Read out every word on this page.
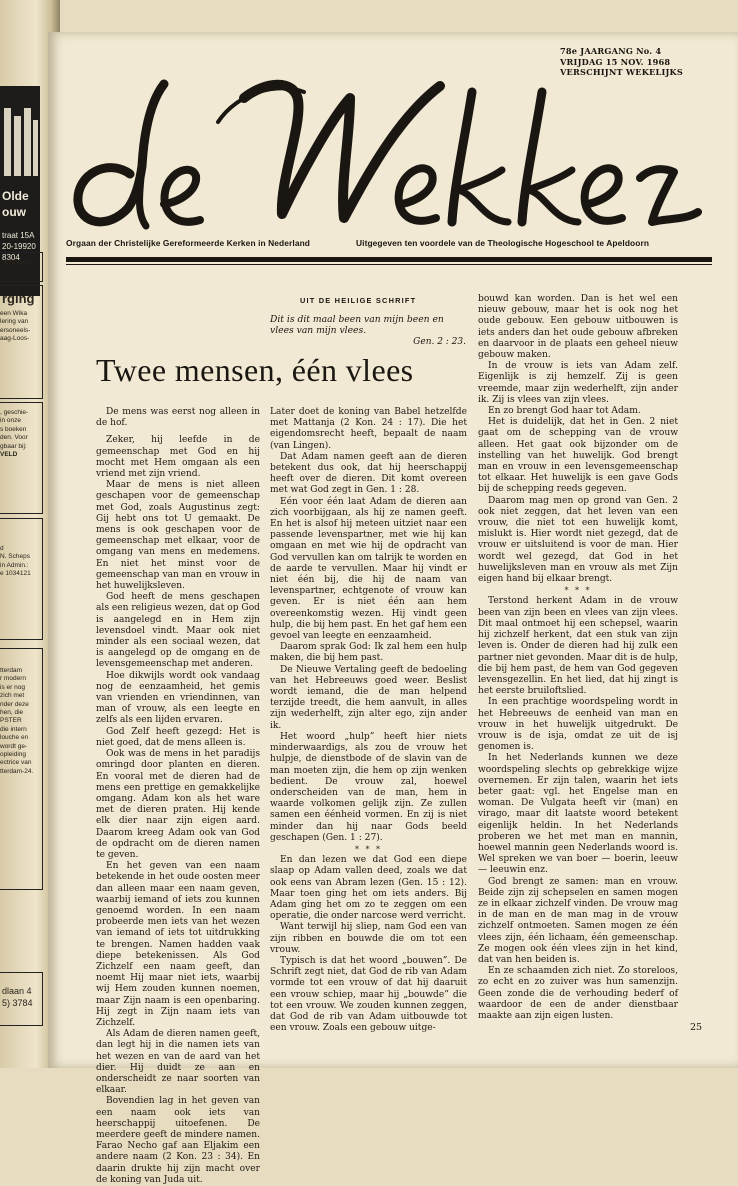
Olde
ouw
traat 15A
20-19920
8304

ENDAAL"

rging

een Wika

lering van

ersoneels-

aag-Loos-

, geschie-

in onze

s boeken

den. Voor

gbaar bij:

VELD

d

N. Scheps

in Admin.:

e 1034121

tterdam

r modern

is er nog

zich met

nder deze

hen, die

PSTER

die intern

louche en

wordt ge-

opleiding

ectrice van

tterdam-24.

dlaan 4

5) 3784

78e JAARGANG No. 4
VRIJDAG 15 NOV. 1968
VERSCHIJNT WEKELIJKS
Orgaan der Christelijke Gereformeerde Kerken in Nederland	Uitgegeven ten voordele van de Theologische Hogeschool te Apeldoorn
UIT DE HEILIGE SCHRIFT
Dit is dit maal been van mijn been en vlees van mijn vlees.
Gen. 2 : 23.
Twee mensen, één vlees

De mens was eerst nog alleen in de hof.

Zeker, hij leefde in de gemeenschap met God en hij mocht met Hem omgaan als een vriend met zijn vriend.

Maar de mens is niet alleen geschapen voor de gemeenschap met God, zoals Augustinus zegt: Gij hebt ons tot U gemaakt. De mens is ook geschapen voor de gemeenschap met elkaar, voor de omgang van mens en medemens. En niet het minst voor de gemeenschap van man en vrouw in het huwelijksleven.

God heeft de mens geschapen als een religieus wezen, dat op God is aangelegd en in Hem zijn levensdoel vindt. Maar ook niet minder als een sociaal wezen, dat is aangelegd op de omgang en de levensgemeenschap met anderen.

Hoe dikwijls wordt ook vandaag nog de eenzaamheid, het gemis van vrienden en vriendinnen, van man of vrouw, als een leegte en zelfs als een lijden ervaren.

God Zelf heeft gezegd: Het is niet goed, dat de mens alleen is.

Ook was de mens in het paradijs omringd door planten en dieren. En vooral met de dieren had de mens een prettige en gemakkelijke omgang. Adam kon als het ware met de dieren praten. Hij kende elk dier naar zijn eigen aard. Daarom kreeg Adam ook van God de opdracht om de dieren namen te geven.

En het geven van een naam betekende in het oude oosten meer dan alleen maar een naam geven, waarbij iemand of iets zou kunnen genoemd worden. In een naam probeerde men iets van het wezen van iemand of iets tot uitdrukking te brengen. Namen hadden vaak diepe betekenissen. Als God Zichzelf een naam geeft, dan noemt Hij maar niet iets, waarbij wij Hem zouden kunnen noemen, maar Zijn naam is een openbaring. Hij zegt in Zijn naam iets van Zichzelf.

Als Adam de dieren namen geeft, dan legt hij in die namen iets van het wezen en van de aard van het dier. Hij duidt ze aan en onderscheidt ze naar soorten van elkaar.

Bovendien lag in het geven van een naam ook iets van heerschappij uitoefenen. De meerdere geeft de mindere namen. Farao Necho gaf aan Eljakim een andere naam (2 Kon. 23 : 34). En daarin drukte hij zijn macht over de koning van Juda uit.

Later doet de koning van Babel hetzelfde met Mattanja (2 Kon. 24 : 17). Die het eigendomsrecht heeft, bepaalt de naam (van Lingen).

Dat Adam namen geeft aan de dieren betekent dus ook, dat hij heerschappij heeft over de dieren. Dit komt overeen met wat God zegt in Gen. 1 : 28.

Eén voor één laat Adam de dieren aan zich voorbijgaan, als hij ze namen geeft. En het is alsof hij meteen uitziet naar een passende levenspartner, met wie hij kan omgaan en met wie hij de opdracht van God vervullen kan om talrijk te worden en de aarde te vervullen. Maar hij vindt er niet één bij, die hij de naam van levenspartner, echtgenote of vrouw kan geven. Er is niet één aan hem overeenkomstig wezen. Hij vindt geen hulp, die bij hem past. En het gaf hem een gevoel van leegte en eenzaamheid.

Daarom sprak God: Ik zal hem een hulp maken, die bij hem past.

De Nieuwe Vertaling geeft de bedoeling van het Hebreeuws goed weer. Beslist wordt iemand, die de man helpend terzijde treedt, die hem aanvult, in alles zijn wederhelft, zijn alter ego, zijn ander ik.

Het woord „hulp” heeft hier niets minderwaardigs, als zou de vrouw het hulpje, de dienstbode of de slavin van de man moeten zijn, die hem op zijn wenken bedient. De vrouw zal, hoewel onderscheiden van de man, hem in waarde volkomen gelijk zijn. Ze zullen samen een éénheid vormen. En zij is niet minder dan hij naar Gods beeld geschapen (Gen. 1 : 27).

* * *

En dan lezen we dat God een diepe slaap op Adam vallen deed, zoals we dat ook eens van Abram lezen (Gen. 15 : 12). Maar toen ging het om iets anders. Bij Adam ging het om zo te zeggen om een operatie, die onder narcose werd verricht.

Want terwijl hij sliep, nam God een van zijn ribben en bouwde die om tot een vrouw.

Typisch is dat het woord „bouwen”. De Schrift zegt niet, dat God de rib van Adam vormde tot een vrouw of dat hij daaruit een vrouw schiep, maar hij „bouwde” die tot een vrouw. We zouden kunnen zeggen, dat God de rib van Adam uitbouwde tot een vrouw. Zoals een gebouw uitge-

bouwd kan worden. Dan is het wel een nieuw gebouw, maar het is ook nog het oude gebouw. Een gebouw uitbouwen is iets anders dan het oude gebouw afbreken en daarvoor in de plaats een geheel nieuw gebouw maken.

In de vrouw is iets van Adam zelf. Eigenlijk is zij hemzelf. Zij is geen vreemde, maar zijn wederhelft, zijn ander ik. Zij is vlees van zijn vlees.

En zo brengt God haar tot Adam.

Het is duidelijk, dat het in Gen. 2 niet gaat om de schepping van de vrouw alleen. Het gaat ook bijzonder om de instelling van het huwelijk. God brengt man en vrouw in een levensgemeenschap tot elkaar. Het huwelijk is een gave Gods bij de schepping reeds gegeven.

Daarom mag men op grond van Gen. 2 ook niet zeggen, dat het leven van een vrouw, die niet tot een huwelijk komt, mislukt is. Hier wordt niet gezegd, dat de vrouw er uitsluitend is voor de man. Hier wordt wel gezegd, dat God in het huwelijksleven man en vrouw als met Zijn eigen hand bij elkaar brengt.

* * *

Terstond herkent Adam in de vrouw been van zijn been en vlees van zijn vlees. Dit maal ontmoet hij een schepsel, waarin hij zichzelf herkent, dat een stuk van zijn leven is. Onder de dieren had hij zulk een partner niet gevonden. Maar dit is de hulp, die bij hem past, de hem van God gegeven levensgezellin. En het lied, dat hij zingt is het eerste bruiloftslied.

In een prachtige woordspeling wordt in het Hebreeuws de eenheid van man en vrouw in het huwelijk uitgedrukt. De vrouw is de isja, omdat ze uit de isj genomen is.

In het Nederlands kunnen we deze woordspeling slechts op gebrekkige wijze overnemen. Er zijn talen, waarin het iets beter gaat: vgl. het Engelse man en woman. De Vulgata heeft vir (man) en virago, maar dit laatste woord betekent eigenlijk heldin. In het Nederlands proberen we het met man en mannin, hoewel mannin geen Nederlands woord is. Wel spreken we van boer — boerin, leeuw — leeuwin enz.

God brengt ze samen: man en vrouw. Beide zijn zij schepselen en samen mogen ze in elkaar zichzelf vinden. De vrouw mag in de man en de man mag in de vrouw zichzelf ontmoeten. Samen mogen ze één vlees zijn, één lichaam, één gemeenschap. Ze mogen ook één vlees zijn in het kind, dat van hen beiden is.

En ze schaamden zich niet. Zo storeloos, zo echt en zo zuiver was hun samenzijn. Geen zonde die de verhouding bederf of waardoor de een de ander dienstbaar maakte aan zijn eigen lusten.

25
